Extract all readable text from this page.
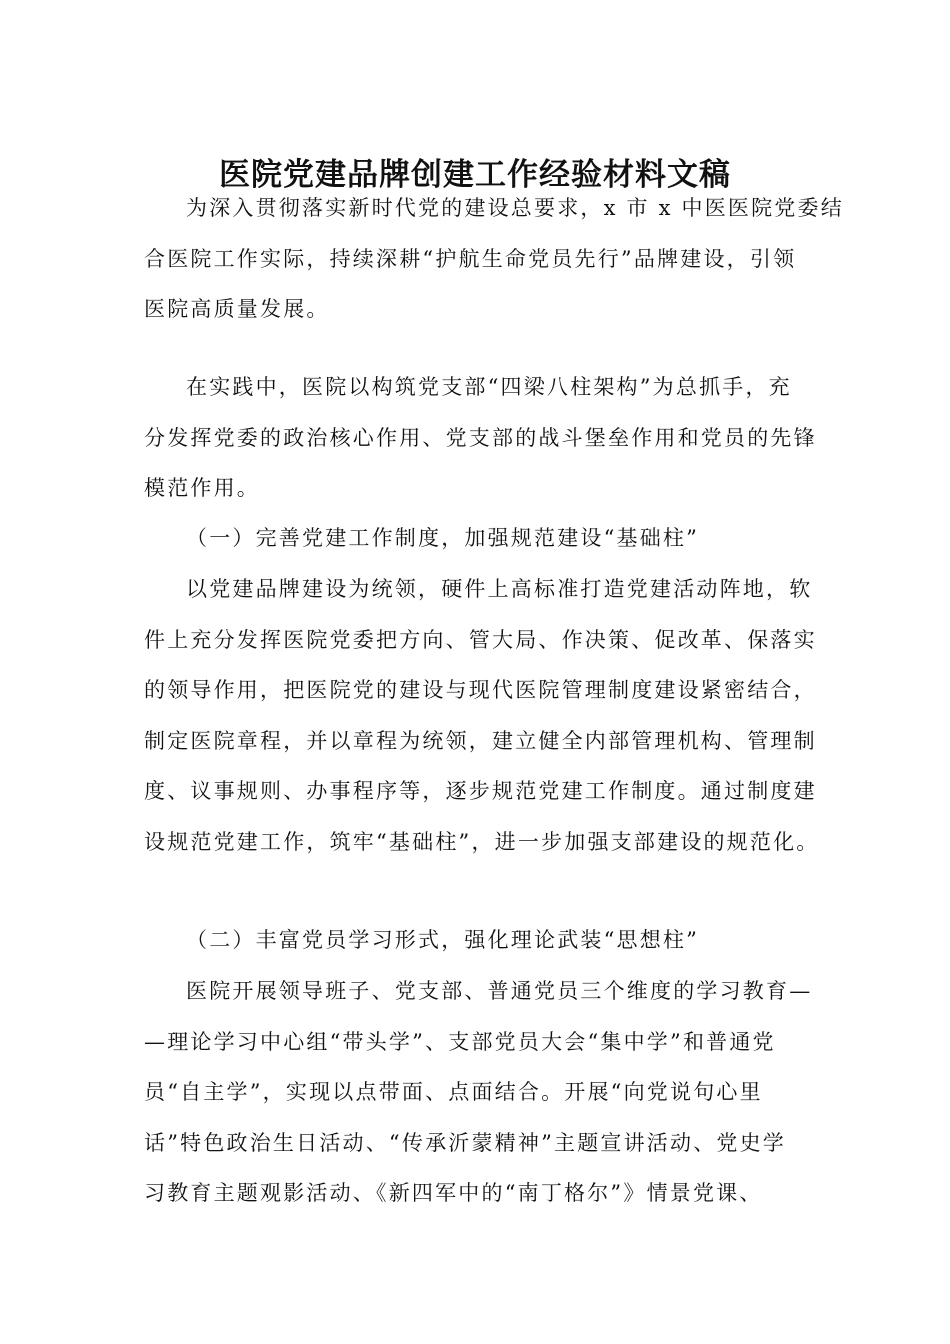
医院党建品牌创建工作经验材料文稿
为深入贯彻落实新时代党的建设总要求，x 市 x 中医医院党委结
合医院工作实际，持续深耕“护航生命党员先行”品牌建设，引领
医院高质量发展。
在实践中，医院以构筑党支部“四梁八柱架构”为总抓手，充
分发挥党委的政治核心作用、党支部的战斗堡垒作用和党员的先锋
模范作用。
（一）完善党建工作制度，加强规范建设“基础柱”
以党建品牌建设为统领，硬件上高标准打造党建活动阵地，软
件上充分发挥医院党委把方向、管大局、作决策、促改革、保落实
的领导作用，把医院党的建设与现代医院管理制度建设紧密结合，
制定医院章程，并以章程为统领，建立健全内部管理机构、管理制
度、议事规则、办事程序等，逐步规范党建工作制度。通过制度建
设规范党建工作，筑牢“基础柱”，进一步加强支部建设的规范化。
（二）丰富党员学习形式，强化理论武装“思想柱”
医院开展领导班子、党支部、普通党员三个维度的学习教育—
—理论学习中心组“带头学”、支部党员大会“集中学”和普通党
员“自主学”，实现以点带面、点面结合。开展“向党说句心里
话”特色政治生日活动、“传承沂蒙精神”主题宣讲活动、党史学
习教育主题观影活动、《新四军中的“南丁格尔”》情景党课、
